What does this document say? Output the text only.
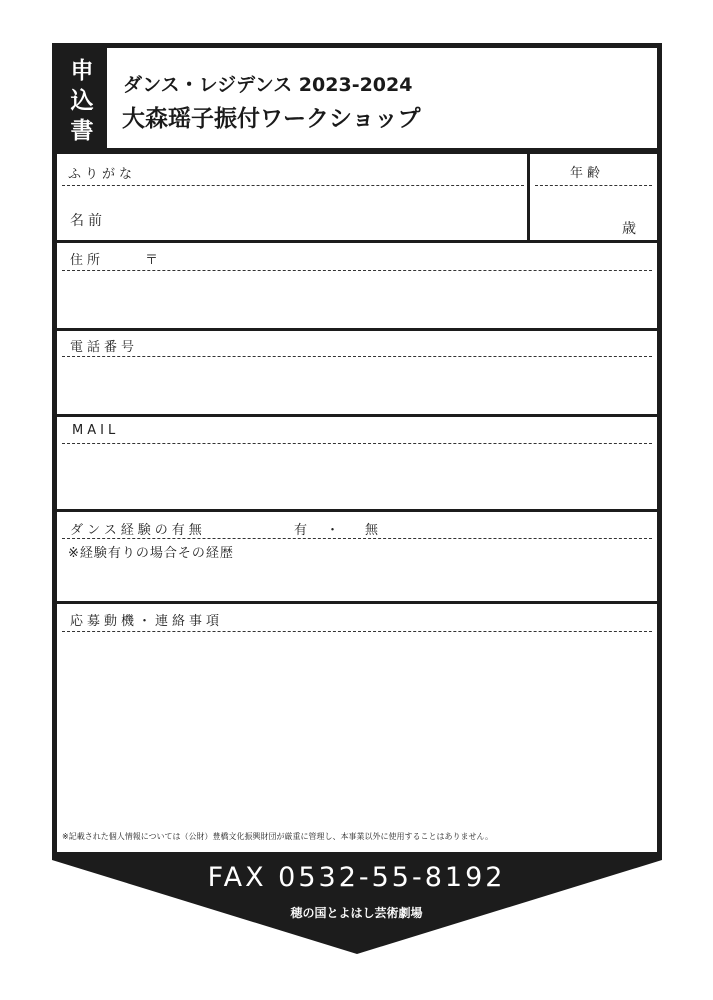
申
込
書
ダンス・レジデンス 2023-2024
大森瑶子振付ワークショップ
ふりがな	年齢
名前	歳
住所	〒
電話番号
MAIL
ダンス経験の有無	有 ・ 無
※経験有りの場合その経歴
応募動機・連絡事項
※記載された個人情報については（公財）豊橋文化振興財団が厳重に管理し、本事業以外に使用することはありません。
FAX 0532-55-8192
穂の国とよはし芸術劇場
